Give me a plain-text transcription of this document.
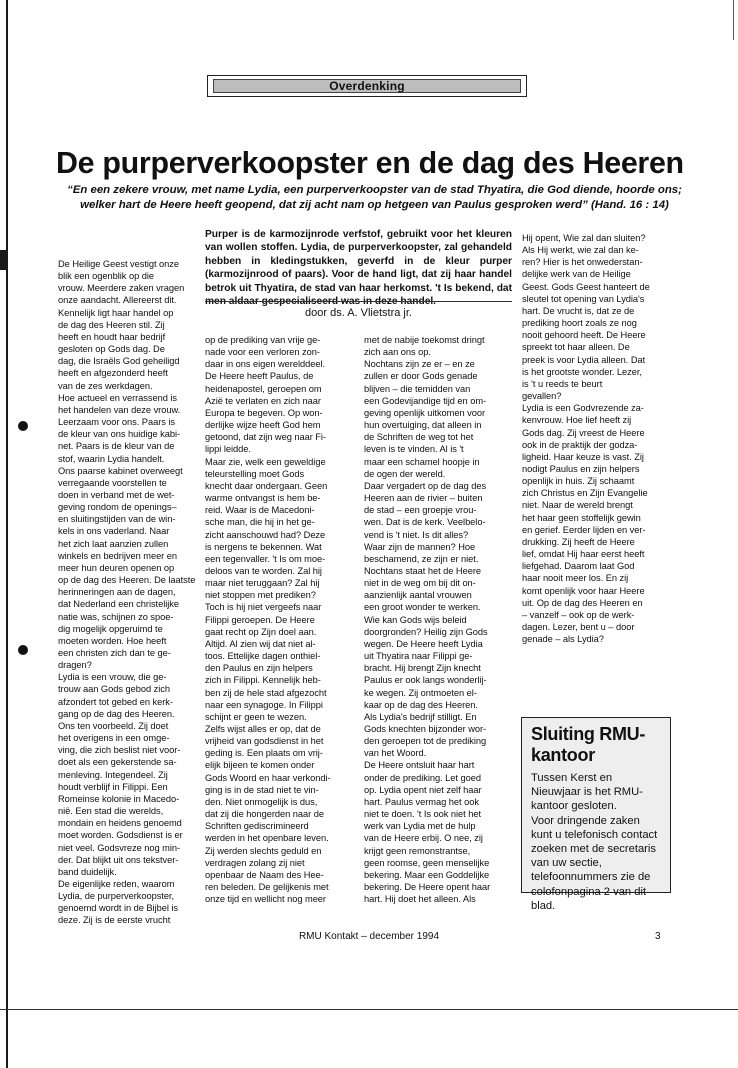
Overdenking
De purperverkoopster en de dag des Heeren
“En een zekere vrouw, met name Lydia, een purperverkoopster van de stad Thyatira, die God diende, hoorde ons; welker hart de Heere heeft geopend, dat zij acht nam op hetgeen van Paulus gesproken werd” (Hand. 16 : 14)
Purper is de karmozijnrode verfstof, gebruikt voor het kleuren van wollen stoffen. Lydia, de purperverkoopster, zal gehandeld hebben in kledingstukken, geverfd in de kleur purper (karmozijnrood of paars). Voor de hand ligt, dat zij haar handel betrok uit Thyatira, de stad van haar herkomst. 't Is bekend, dat
door ds. A. Vlietstra jr.
De Heilige Geest vestigt onze
blik een ogenblik op die
vrouw. Meerdere zaken vragen
onze aandacht. Allereerst dit.
Kennelijk ligt haar handel op
de dag des Heeren stil. Zij
heeft en houdt haar bedrijf
gesloten op Gods dag. De
dag, die Israëls God geheiligd
heeft en afgezonderd heeft
van de zes werkdagen.
Hoe actueel en verrassend is
het handelen van deze vrouw.
Leerzaam voor ons. Paars is
de kleur van ons huidige kabi-
net. Paars is de kleur van de
stof, waarin Lydia handelt.
Ons paarse kabinet overweegt
verregaande voorstellen te
doen in verband met de wet-
geving rondom de openings–
en sluitingstijden van de win-
kels in ons vaderland. Naar
het zich laat aanzien zullen
winkels en bedrijven meer en
meer hun deuren openen op
op de dag des Heeren. De laatste
herinneringen aan de dagen,
dat Nederland een christelijke
natie was, schijnen zo spoe-
dig mogelijk opgeruimd te
moeten worden. Hoe heeft
een christen zich dan te ge-
dragen?
Lydia is een vrouw, die ge-
trouw aan Gods gebod zich
afzondert tot gebed en kerk-
gang op de dag des Heeren.
Ons ten voorbeeld. Zij doet
het overigens in een omge-
ving, die zich beslist niet voor-
doet als een gekerstende sa-
menleving. Integendeel. Zij
houdt verblijf in Filippi. Een
Romeinse kolonie in Macedo-
nië. Een stad die werelds,
mondain en heidens genoemd
moet worden. Godsdienst is er
niet veel. Godsvreze nog min-
der. Dat blijkt uit ons tekstver-
band duidelijk.
De eigenlijke reden, waarom
Lydia, de purperverkoopster,
genoemd wordt in de Bijbel is
deze. Zij is de eerste vrucht
op de prediking van vrije ge-
nade voor een verloren zon-
daar in ons eigen werelddeel.
De Heere heeft Paulus, de
heidenapostel, geroepen om
Azië te verlaten en zich naar
Europa te begeven. Op won-
derlijke wijze heeft God hem
getoond, dat zijn weg naar Fi-
lippi leidde.
Maar zie, welk een geweldige
teleurstelling moet Gods
knecht daar ondergaan. Geen
warme ontvangst is hem be-
reid. Waar is de Macedoni-
sche man, die hij in het ge-
zicht aanschouwd had? Deze
is nergens te bekennen. Wat
een tegenvaller. 't Is om moe-
deloos van te worden. Zal hij
maar niet teruggaan? Zal hij
niet stoppen met prediken?
Toch is hij niet vergeefs naar
Filippi geroepen. De Heere
gaat recht op Zijn doel aan.
Altijd. Al zien wij dat niet al-
toos. Ettelijke dagen onthiel-
den Paulus en zijn helpers
zich in Filippi. Kennelijk heb-
ben zij de hele stad afgezocht
naar een synagoge. In Filippi
schijnt er geen te wezen.
Zelfs wijst alles er op, dat de
vrijheid van godsdienst in het
geding is. Een plaats om vrij-
elijk bijeen te komen onder
Gods Woord en haar verkondi-
ging is in de stad niet te vin-
den. Niet onmogelijk is dus,
dat zij die hongerden naar de
Schriften gediscrimineerd
werden in het openbare leven.
Zij werden slechts geduld en
verdragen zolang zij niet
openbaar de Naam des Hee-
ren beleden. De gelijkenis met
onze tijd en wellicht nog meer
met de nabije toekomst dringt
zich aan ons op.
Nochtans zijn ze er – en ze
zullen er door Gods genade
blijven – die temidden van
een Godevijandige tijd en om-
geving openlijk uitkomen voor
hun overtuiging, dat alleen in
de Schriften de weg tot het
leven is te vinden. Al is 't
maar een schamel hoopje in
de ogen der wereld.
Daar vergadert op de dag des
Heeren aan de rivier – buiten
de stad – een groepje vrou-
wen. Dat is de kerk. Veelbelo-
vend is 't niet. Is dit alles?
Waar zijn de mannen? Hoe
beschamend, ze zijn er niet.
Nochtans staat het de Heere
niet in de weg om bij dit on-
aanzienlijk aantal vrouwen
een groot wonder te werken.
Wie kan Gods wijs beleid
doorgronden? Heilig zijn Gods
wegen. De Heere heeft Lydia
uit Thyatira naar Filippi ge-
bracht. Hij brengt Zijn knecht
Paulus er ook langs wonderlij-
ke wegen. Zij ontmoeten el-
kaar op de dag des Heeren.
Als Lydia's bedrijf stilligt. En
Gods knechten bijzonder wor-
den geroepen tot de prediking
van het Woord.
De Heere ontsluit haar hart
onder de prediking. Let goed
op. Lydia opent niet zelf haar
hart. Paulus vermag het ook
niet te doen. 't Is ook niet het
werk van Lydia met de hulp
van de Heere erbij. O nee, zij
krijgt geen remonstrantse,
geen roomse, geen menselijke
bekering. Maar een Goddelijke
bekering. De Heere opent haar
hart. Hij doet het alleen. Als
Hij opent, Wie zal dan sluiten?
Als Hij werkt, wie zal dan ke-
ren? Hier is het onwederstan-
delijke werk van de Heilige
Geest. Gods Geest hanteert de
sleutel tot opening van Lydia's
hart. De vrucht is, dat ze de
prediking hoort zoals ze nog
nooit gehoord heeft. De Heere
spreekt tot haar alleen. De
preek is voor Lydia alleen. Dat
is het grootste wonder. Lezer,
is 't u reeds te beurt
gevallen?
Lydia is een Godvrezende za-
kenvrouw. Hoe lief heeft zij
Gods dag. Zij vreest de Heere
ook in de praktijk der godza-
ligheid. Haar keuze is vast. Zij
nodigt Paulus en zijn helpers
openlijk in huis. Zij schaamt
zich Christus en Zijn Evangelie
niet. Naar de wereld brengt
het haar geen stoffelijk gewin
en gerief. Eerder lijden en ver-
drukking. Zij heeft de Heere
lief, omdat Hij haar eerst heeft
liefgehad. Daarom laat God
haar nooit meer los. En zij
komt openlijk voor haar Heere
uit. Op de dag des Heeren en
– vanzelf – ook op de werk-
dagen. Lezer, bent u – door
genade – als Lydia?
Sluiting RMU-kantoor
Tussen Kerst en Nieuwjaar is het RMU-kantoor gesloten.
Voor dringende zaken kunt u telefonisch contact zoeken met de secretaris van uw sectie, telefoonnummers zie de colofonpagina 2 van dit blad.
RMU Kontakt – december 1994	3
